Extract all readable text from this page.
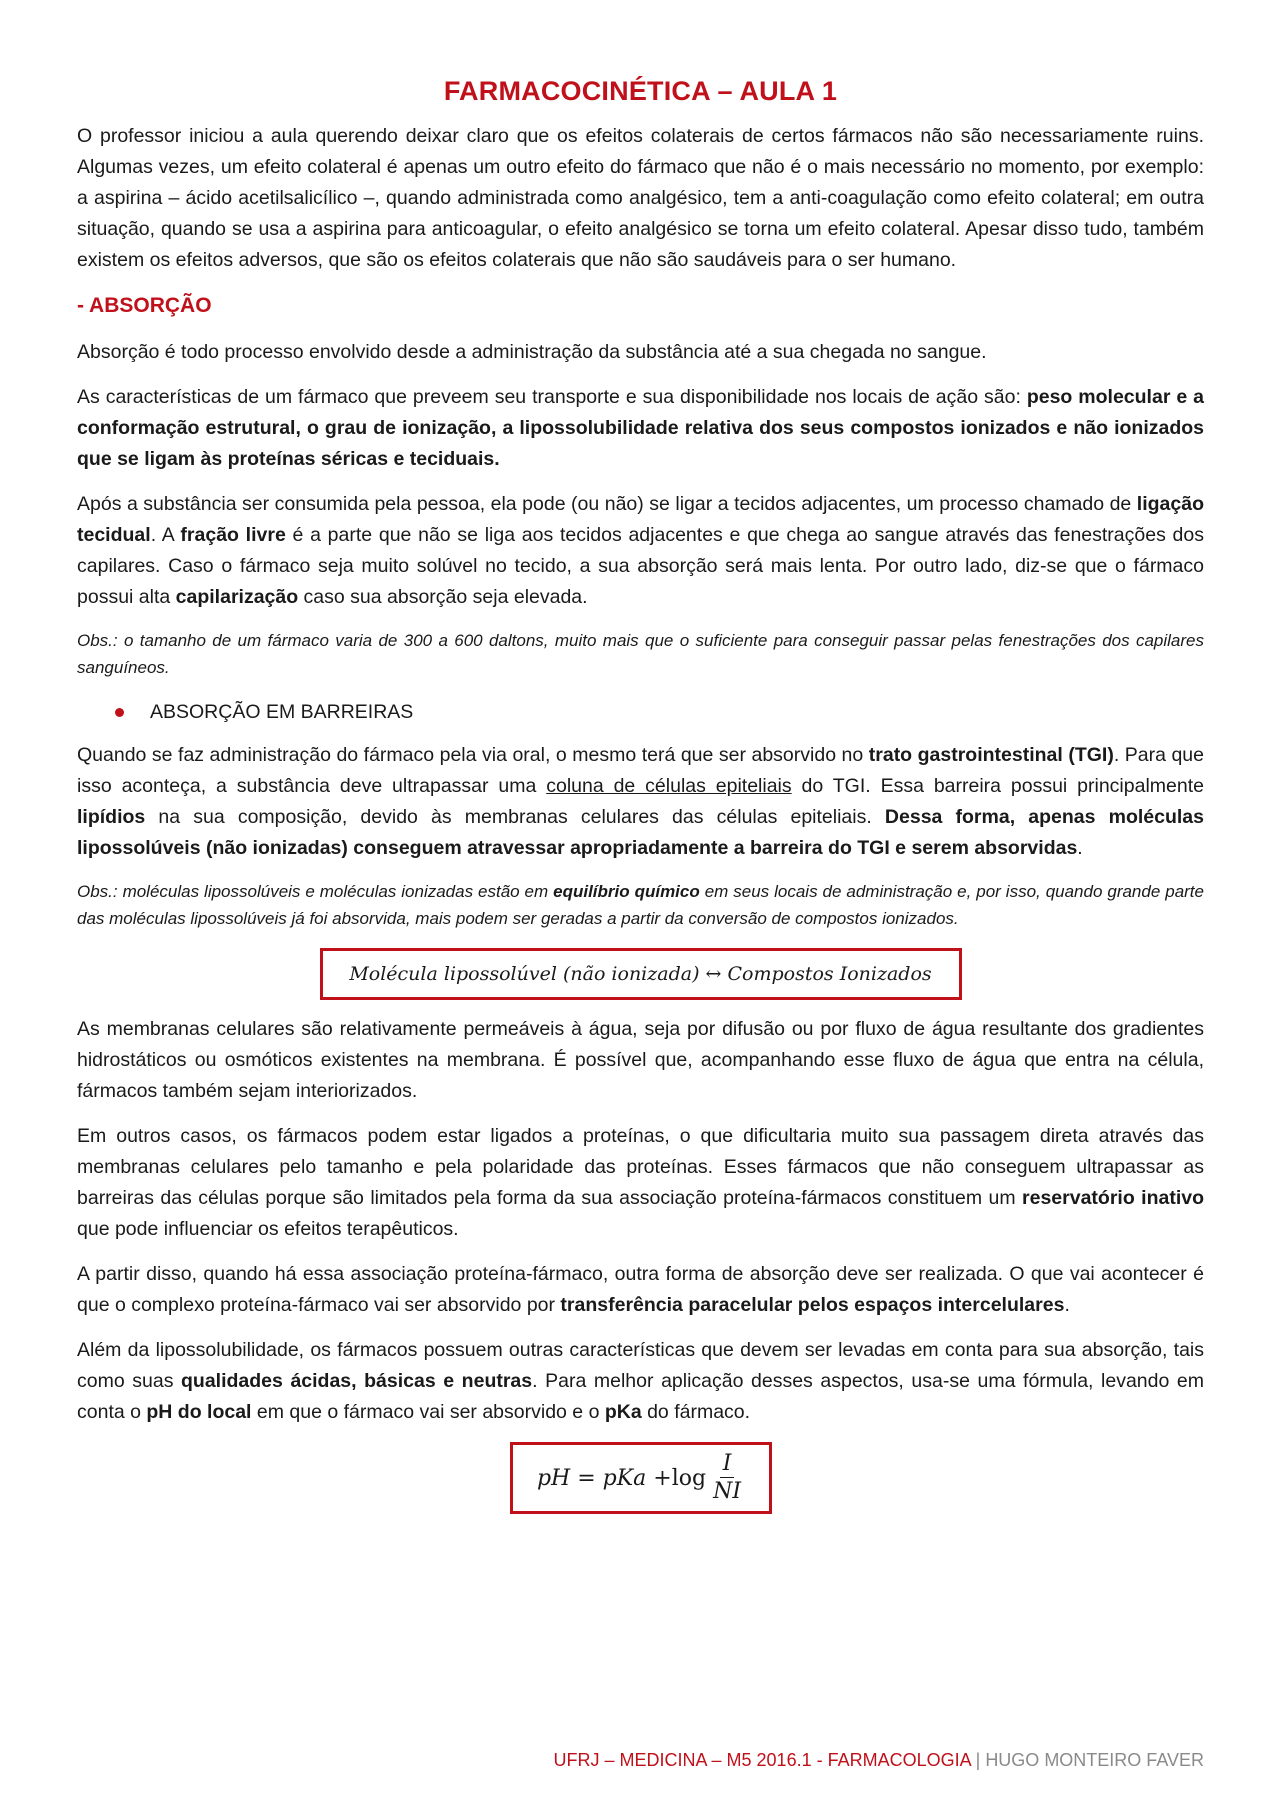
FARMACOCINÉTICA – AULA 1

O professor iniciou a aula querendo deixar claro que os efeitos colaterais de certos fármacos não são necessariamente ruins. Algumas vezes, um efeito colateral é apenas um outro efeito do fármaco que não é o mais necessário no momento, por exemplo: a aspirina – ácido acetilsalicílico –, quando administrada como analgésico, tem a anti-coagulação como efeito colateral; em outra situação, quando se usa a aspirina para anticoagular, o efeito analgésico se torna um efeito colateral. Apesar disso tudo, também existem os efeitos adversos, que são os efeitos colaterais que não são saudáveis para o ser humano.

- ABSORÇÃO

Absorção é todo processo envolvido desde a administração da substância até a sua chegada no sangue.

As características de um fármaco que preveem seu transporte e sua disponibilidade nos locais de ação são: peso molecular e a conformação estrutural, o grau de ionização, a lipossolubilidade relativa dos seus compostos ionizados e não ionizados que se ligam às proteínas séricas e teciduais.

Após a substância ser consumida pela pessoa, ela pode (ou não) se ligar a tecidos adjacentes, um processo chamado de ligação tecidual. A fração livre é a parte que não se liga aos tecidos adjacentes e que chega ao sangue através das fenestrações dos capilares. Caso o fármaco seja muito solúvel no tecido, a sua absorção será mais lenta. Por outro lado, diz-se que o fármaco possui alta capilarização caso sua absorção seja elevada.

Obs.: o tamanho de um fármaco varia de 300 a 600 daltons, muito mais que o suficiente para conseguir passar pelas fenestrações dos capilares sanguíneos.

ABSORÇÃO EM BARREIRAS

Quando se faz administração do fármaco pela via oral, o mesmo terá que ser absorvido no trato gastrointestinal (TGI). Para que isso aconteça, a substância deve ultrapassar uma coluna de células epiteliais do TGI. Essa barreira possui principalmente lipídios na sua composição, devido às membranas celulares das células epiteliais. Dessa forma, apenas moléculas lipossolúveis (não ionizadas) conseguem atravessar apropriadamente a barreira do TGI e serem absorvidas.

Obs.: moléculas lipossolúveis e moléculas ionizadas estão em equilíbrio químico em seus locais de administração e, por isso, quando grande parte das moléculas lipossolúveis já foi absorvida, mais podem ser geradas a partir da conversão de compostos ionizados.

Molécula lipossolúvel (não ionizada) ↔ Compostos Ionizados

As membranas celulares são relativamente permeáveis à água, seja por difusão ou por fluxo de água resultante dos gradientes hidrostáticos ou osmóticos existentes na membrana. É possível que, acompanhando esse fluxo de água que entra na célula, fármacos também sejam interiorizados.

Em outros casos, os fármacos podem estar ligados a proteínas, o que dificultaria muito sua passagem direta através das membranas celulares pelo tamanho e pela polaridade das proteínas. Esses fármacos que não conseguem ultrapassar as barreiras das células porque são limitados pela forma da sua associação proteína-fármacos constituem um reservatório inativo que pode influenciar os efeitos terapêuticos.

A partir disso, quando há essa associação proteína-fármaco, outra forma de absorção deve ser realizada. O que vai acontecer é que o complexo proteína-fármaco vai ser absorvido por transferência paracelular pelos espaços intercelulares.

Além da lipossolubilidade, os fármacos possuem outras características que devem ser levadas em conta para sua absorção, tais como suas qualidades ácidas, básicas e neutras. Para melhor aplicação desses aspectos, usa-se uma fórmula, levando em conta o pH do local em que o fármaco vai ser absorvido e o pKa do fármaco.

pH = pKa + $\log \frac{I}{NI}$
UFRJ – MEDICINA – M5 2016.1 - FARMACOLOGIA | HUGO MONTEIRO FAVER
